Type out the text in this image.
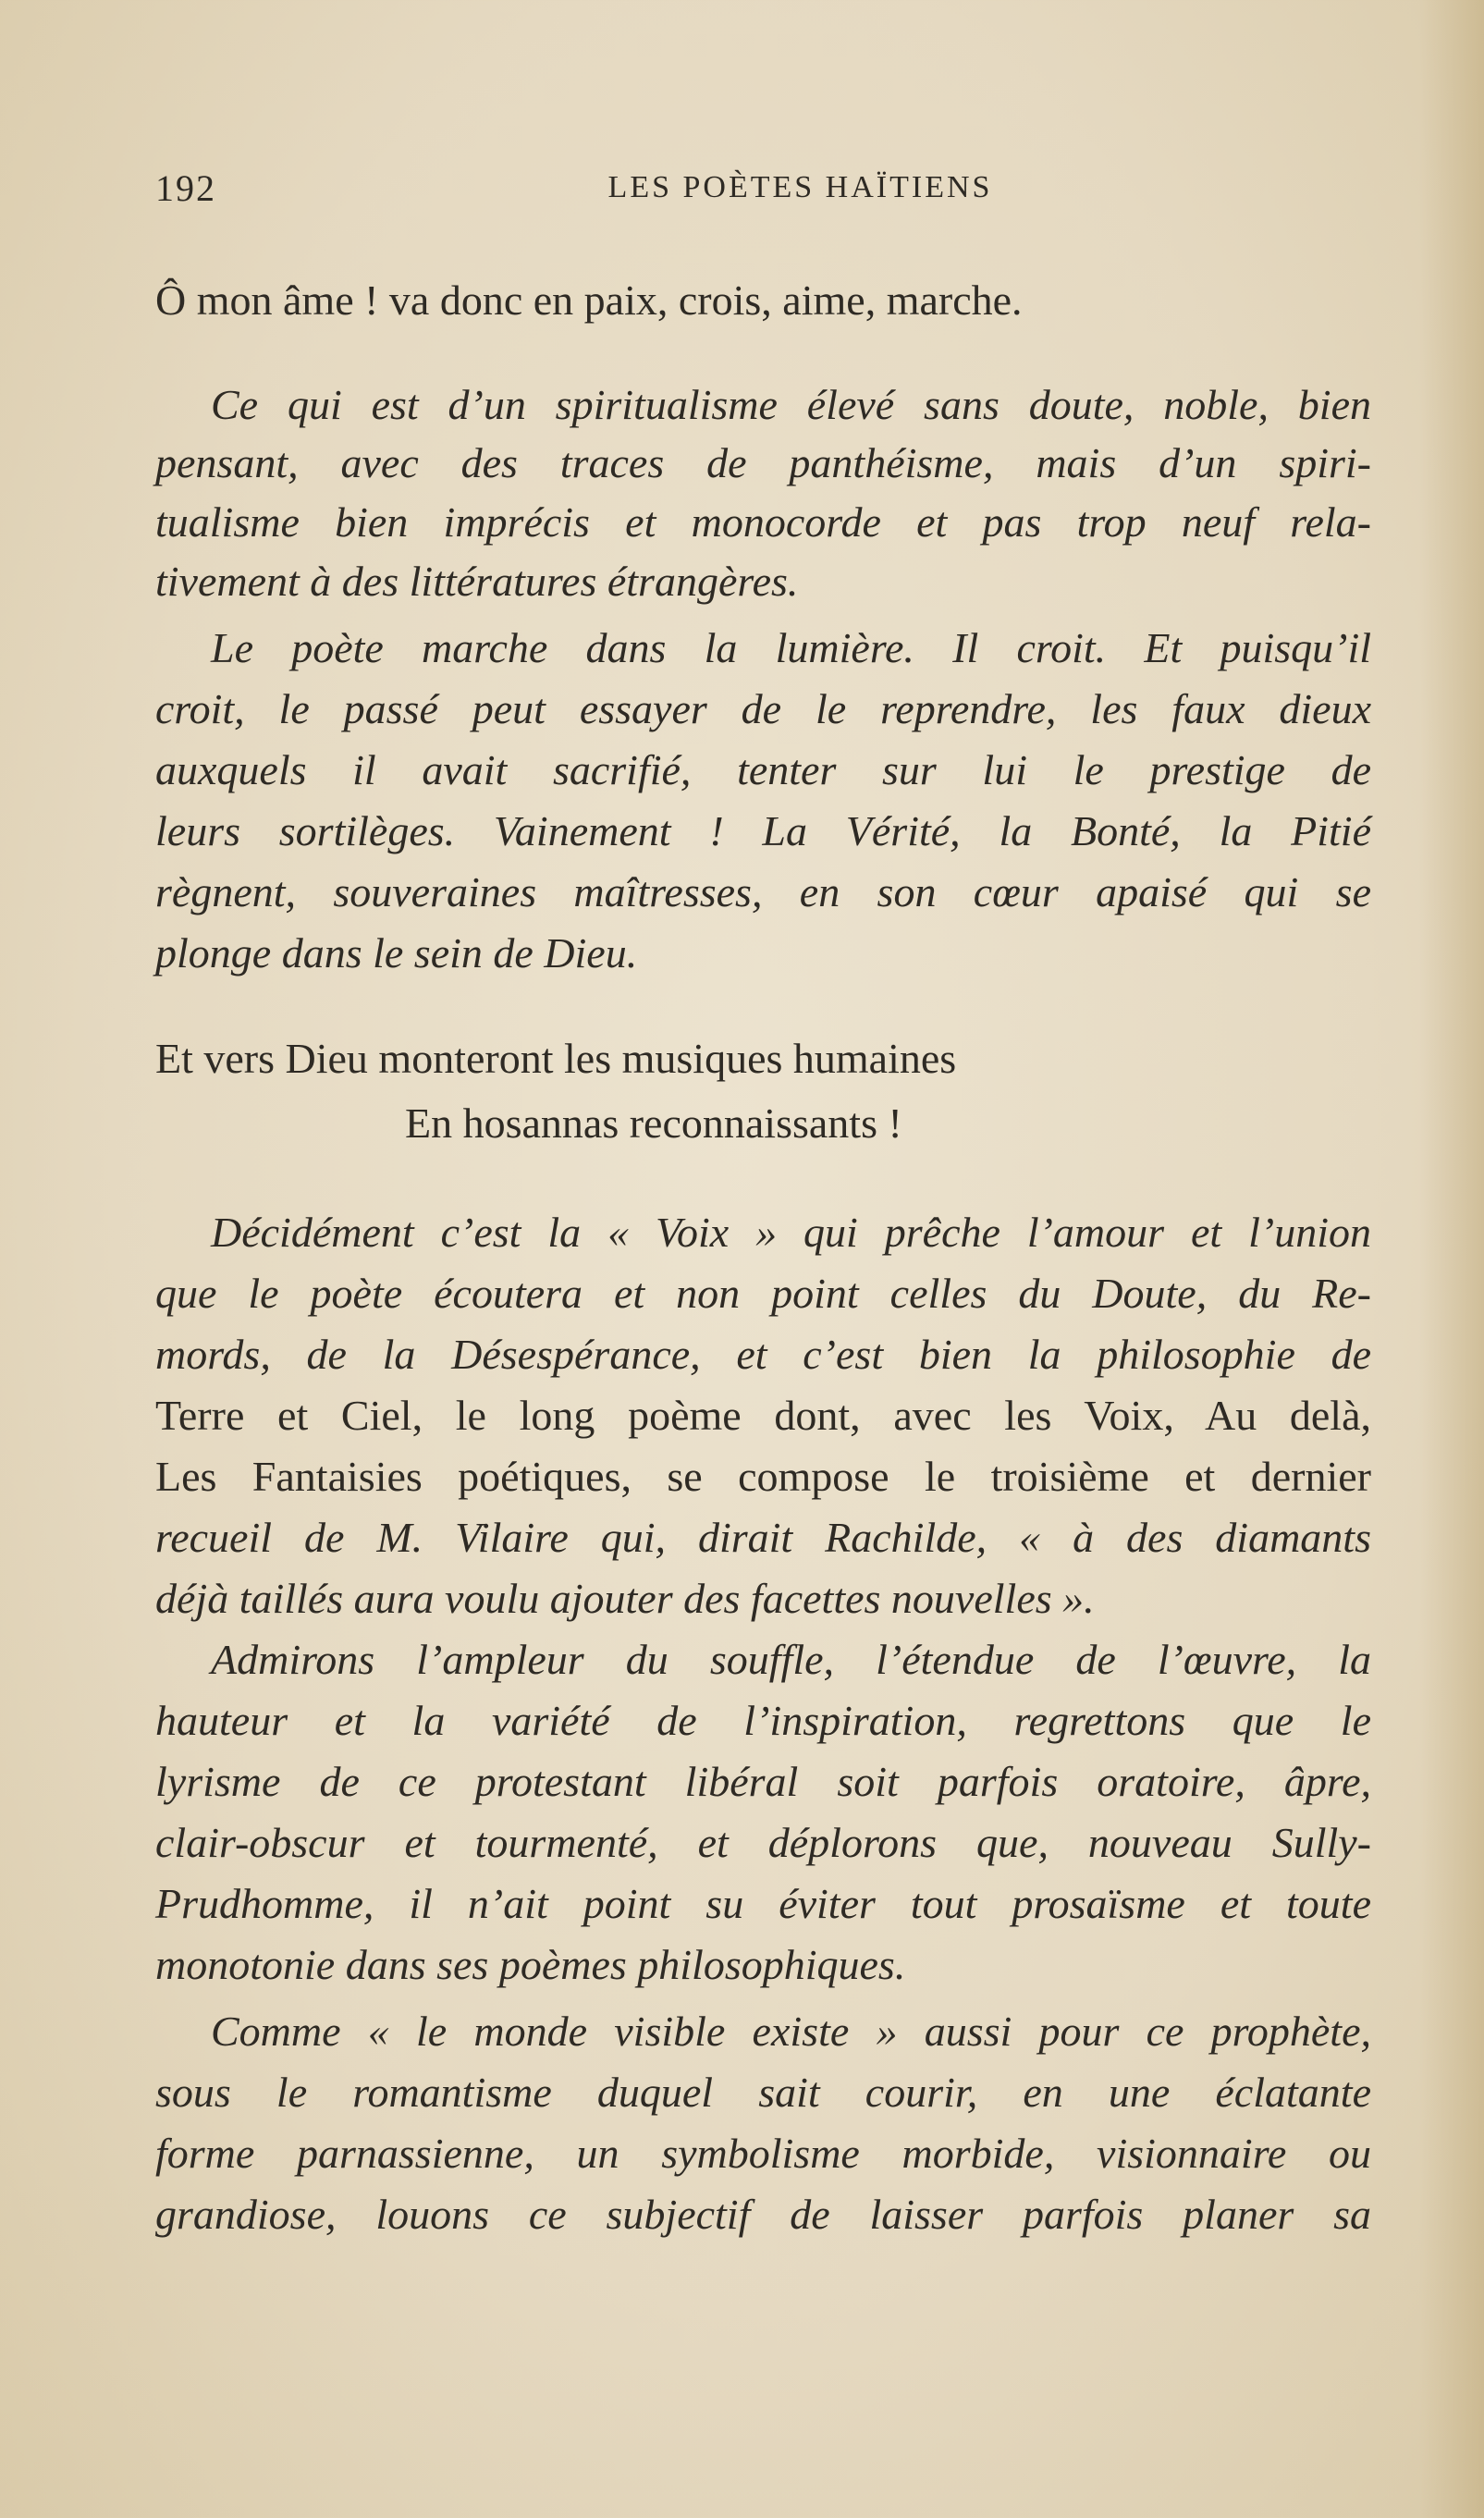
192	LES POÈTES HAÏTIENS
Ô mon âme ! va donc en paix, crois, aime, marche.
Ce qui est d’un spiritualisme élevé sans doute, noble, bien
pensant, avec des traces de panthéisme, mais d’un spiri-
tualisme bien imprécis et monocorde et pas trop neuf rela-
tivement à des littératures étrangères.
Le poète marche dans la lumière. Il croit. Et puisqu’il
croit, le passé peut essayer de le reprendre, les faux dieux
auxquels il avait sacrifié, tenter sur lui le prestige de
leurs sortilèges. Vainement ! La Vérité, la Bonté, la Pitié
règnent, souveraines maîtresses, en son cœur apaisé qui se
plonge dans le sein de Dieu.
Et vers Dieu monteront les musiques humaines
En hosannas reconnaissants !
Décidément c’est la « Voix » qui prêche l’amour et l’union
que le poète écoutera et non point celles du Doute, du Re-
mords, de la Désespérance, et c’est bien la philosophie de
Terre et Ciel, le long poème dont, avec les Voix, Au delà,
Les Fantaisies poétiques, se compose le troisième et dernier
recueil de M. Vilaire qui, dirait Rachilde, « à des diamants
déjà taillés aura voulu ajouter des facettes nouvelles ».
Admirons l’ampleur du souffle, l’étendue de l’œuvre, la
hauteur et la variété de l’inspiration, regrettons que le
lyrisme de ce protestant libéral soit parfois oratoire, âpre,
clair-obscur et tourmenté, et déplorons que, nouveau Sully-
Prudhomme, il n’ait point su éviter tout prosaïsme et toute
monotonie dans ses poèmes philosophiques.
Comme « le monde visible existe » aussi pour ce prophète,
sous le romantisme duquel sait courir, en une éclatante
forme parnassienne, un symbolisme morbide, visionnaire ou
grandiose, louons ce subjectif de laisser parfois planer sa
